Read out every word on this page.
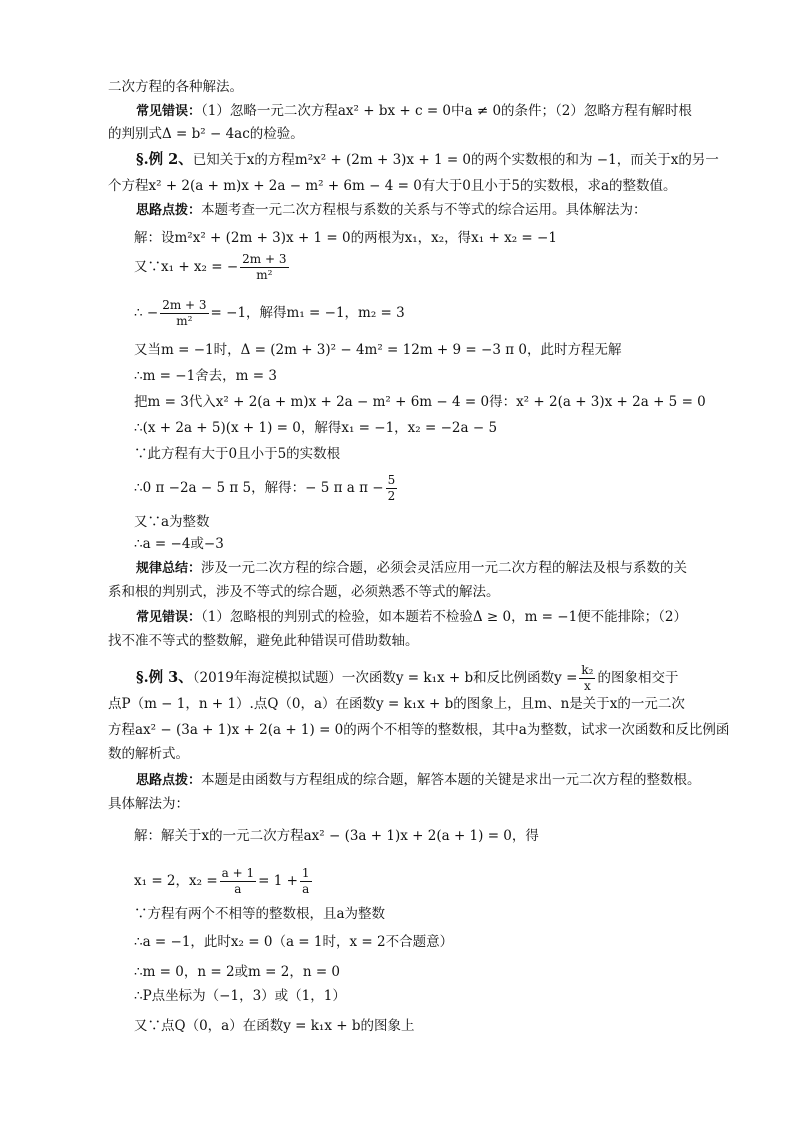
二次方程的各种解法。
常见错误：（1）忽略一元二次方程ax² + bx + c = 0中a ≠ 0的条件；（2）忽略方程有解时根
的判别式Δ = b² − 4ac的检验。
§.例 2、已知关于x的方程m²x² + (2m + 3)x + 1 = 0的两个实数根的和为 −1，而关于x的另一
个方程x² + 2(a + m)x + 2a − m² + 6m − 4 = 0有大于0且小于5的实数根，求a的整数值。
思路点拨：本题考查一元二次方程根与系数的关系与不等式的综合运用。具体解法为：
解：设m²x² + (2m + 3)x + 1 = 0的两根为x₁，x₂，得x₁ + x₂ = −1
又∵x₁ + x₂ = − $\frac{2m + 3}{\text{m²}}$
∴ − $\frac{2m + 3}{\text{m²}} = -1$，解得m₁ = −1，m₂ = 3
又当m = −1时，Δ = (2m + 3)² − 4m² = 12m + 9 = −3 π 0，此时方程无解
∴m = −1舍去，m = 3
把m = 3代入x² + 2(a + m)x + 2a − m² + 6m − 4 = 0得：x² + 2(a + 3)x + 2a + 5 = 0
∴(x + 2a + 5)(x + 1) = 0，解得x₁ = −1，x₂ = −2a − 5
∵此方程有大于0且小于5的实数根
∴0 π −2a − 5 π 5，解得：− 5 π a $\pi - \frac{5}{2}$
又∵a为整数
∴a = −4或−3
规律总结：涉及一元二次方程的综合题，必须会灵活应用一元二次方程的解法及根与系数的关
系和根的判别式，涉及不等式的综合题，必须熟悉不等式的解法。
常见错误：（1）忽略根的判别式的检验，如本题若不检验Δ ≥ 0，m = −1便不能排除；（2）
找不准不等式的整数解，避免此种错误可借助数轴。
§.例 3、（2019年海淀模拟试题）一次函数y = k₁x + b和反比例函数$y = \frac{\text{k₂}}{x}$ 的图象相交于
点P（m − 1，n + 1）.点Q（0，a）在函数y = k₁x + b的图象上，且m、n是关于x的一元二次
方程ax² − (3a + 1)x + 2(a + 1) = 0的两个不相等的整数根，其中a为整数，试求一次函数和反比例函
数的解析式。
思路点拨：本题是由函数与方程组成的综合题，解答本题的关键是求出一元二次方程的整数根。
具体解法为：
解：解关于x的一元二次方程ax² − (3a + 1)x + 2(a + 1) = 0，得
x₁ = 2，$x_2 = \frac{a + 1}{a} = 1 + \frac{1}{a}$
∵方程有两个不相等的整数根，且a为整数
∴a = −1，此时x₂ = 0（a = 1时，x = 2不合题意）
∴m = 0，n = 2或m = 2，n = 0
∴P点坐标为（−1，3）或（1，1）
又∵点Q（0，a）在函数y = k₁x + b的图象上
